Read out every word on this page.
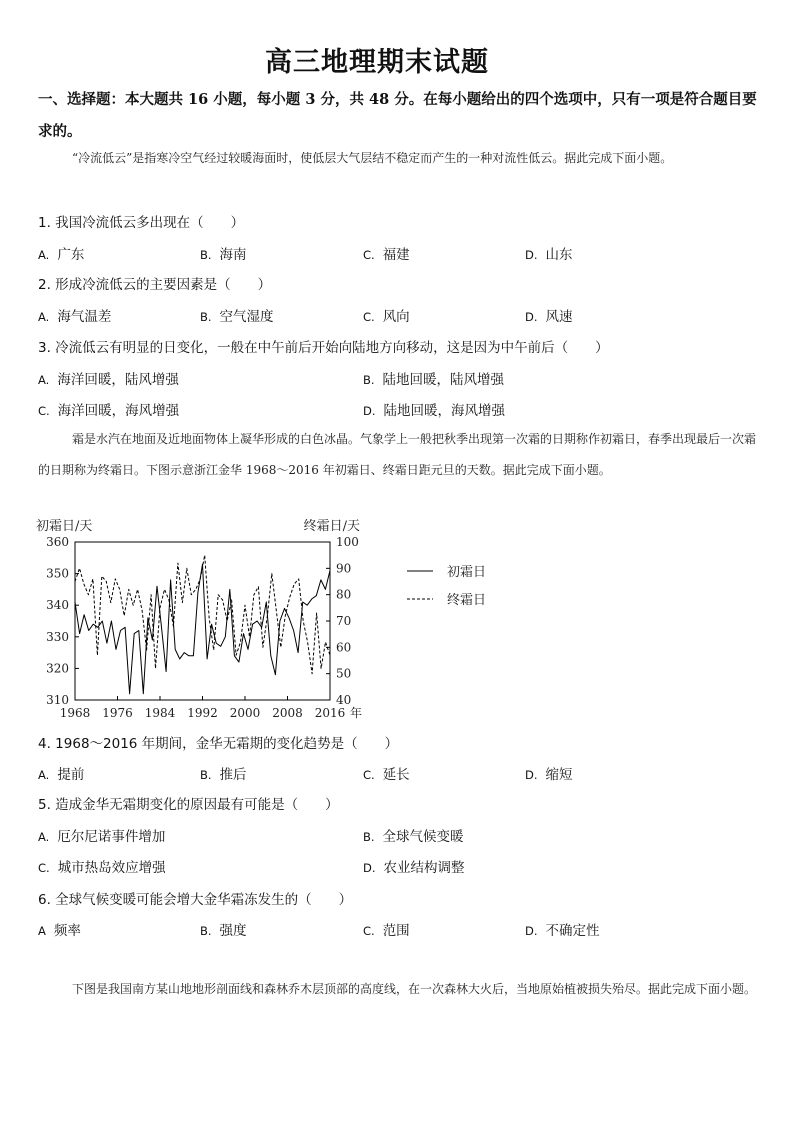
高三地理期末试题
一、选择题：本大题共 16 小题，每小题 3 分，共 48 分。在每小题给出的四个选项中，只有一项是符合题目要求的。
“冷流低云”是指寒冷空气经过较暖海面时，使低层大气层结不稳定而产生的一种对流性低云。据此完成下面小题。
1. 我国冷流低云多出现在（　　）
A. 广东	B. 海南	C. 福建	D. 山东
2. 形成冷流低云的主要因素是（　　）
A. 海气温差	B. 空气湿度	C. 风向	D. 风速
3. 冷流低云有明显的日变化，一般在中午前后开始向陆地方向移动，这是因为中午前后（　　）
A. 海洋回暖，陆风增强	B. 陆地回暖，陆风增强
C. 海洋回暖，海风增强	D. 陆地回暖，海风增强
霜是水汽在地面及近地面物体上凝华形成的白色冰晶。气象学上一般把秋季出现第一次霜的日期称作初霜日，春季出现最后一次霜的日期称为终霜日。下图示意浙江金华 1968～2016 年初霜日、终霜日距元旦的天数。据此完成下面小题。
初霜日/天	终霜日/天
360
350
340
330
320
310
100
90
80
70
60
50
40
1968 1976 1984 1992 2000 2008 2016 年
初霜日
终霜日
4. 1968～2016 年期间，金华无霜期的变化趋势是（　　）
A. 提前	B. 推后	C. 延长	D. 缩短
5. 造成金华无霜期变化的原因最有可能是（　　）
A. 厄尔尼诺事件增加	B. 全球气候变暖
C. 城市热岛效应增强	D. 农业结构调整
6. 全球气候变暖可能会增大金华霜冻发生的（　　）
A 频率	B. 强度	C. 范围	D. 不确定性
下图是我国南方某山地地形剖面线和森林乔木层顶部的高度线，在一次森林大火后，当地原始植被损失殆尽。据此完成下面小题。
